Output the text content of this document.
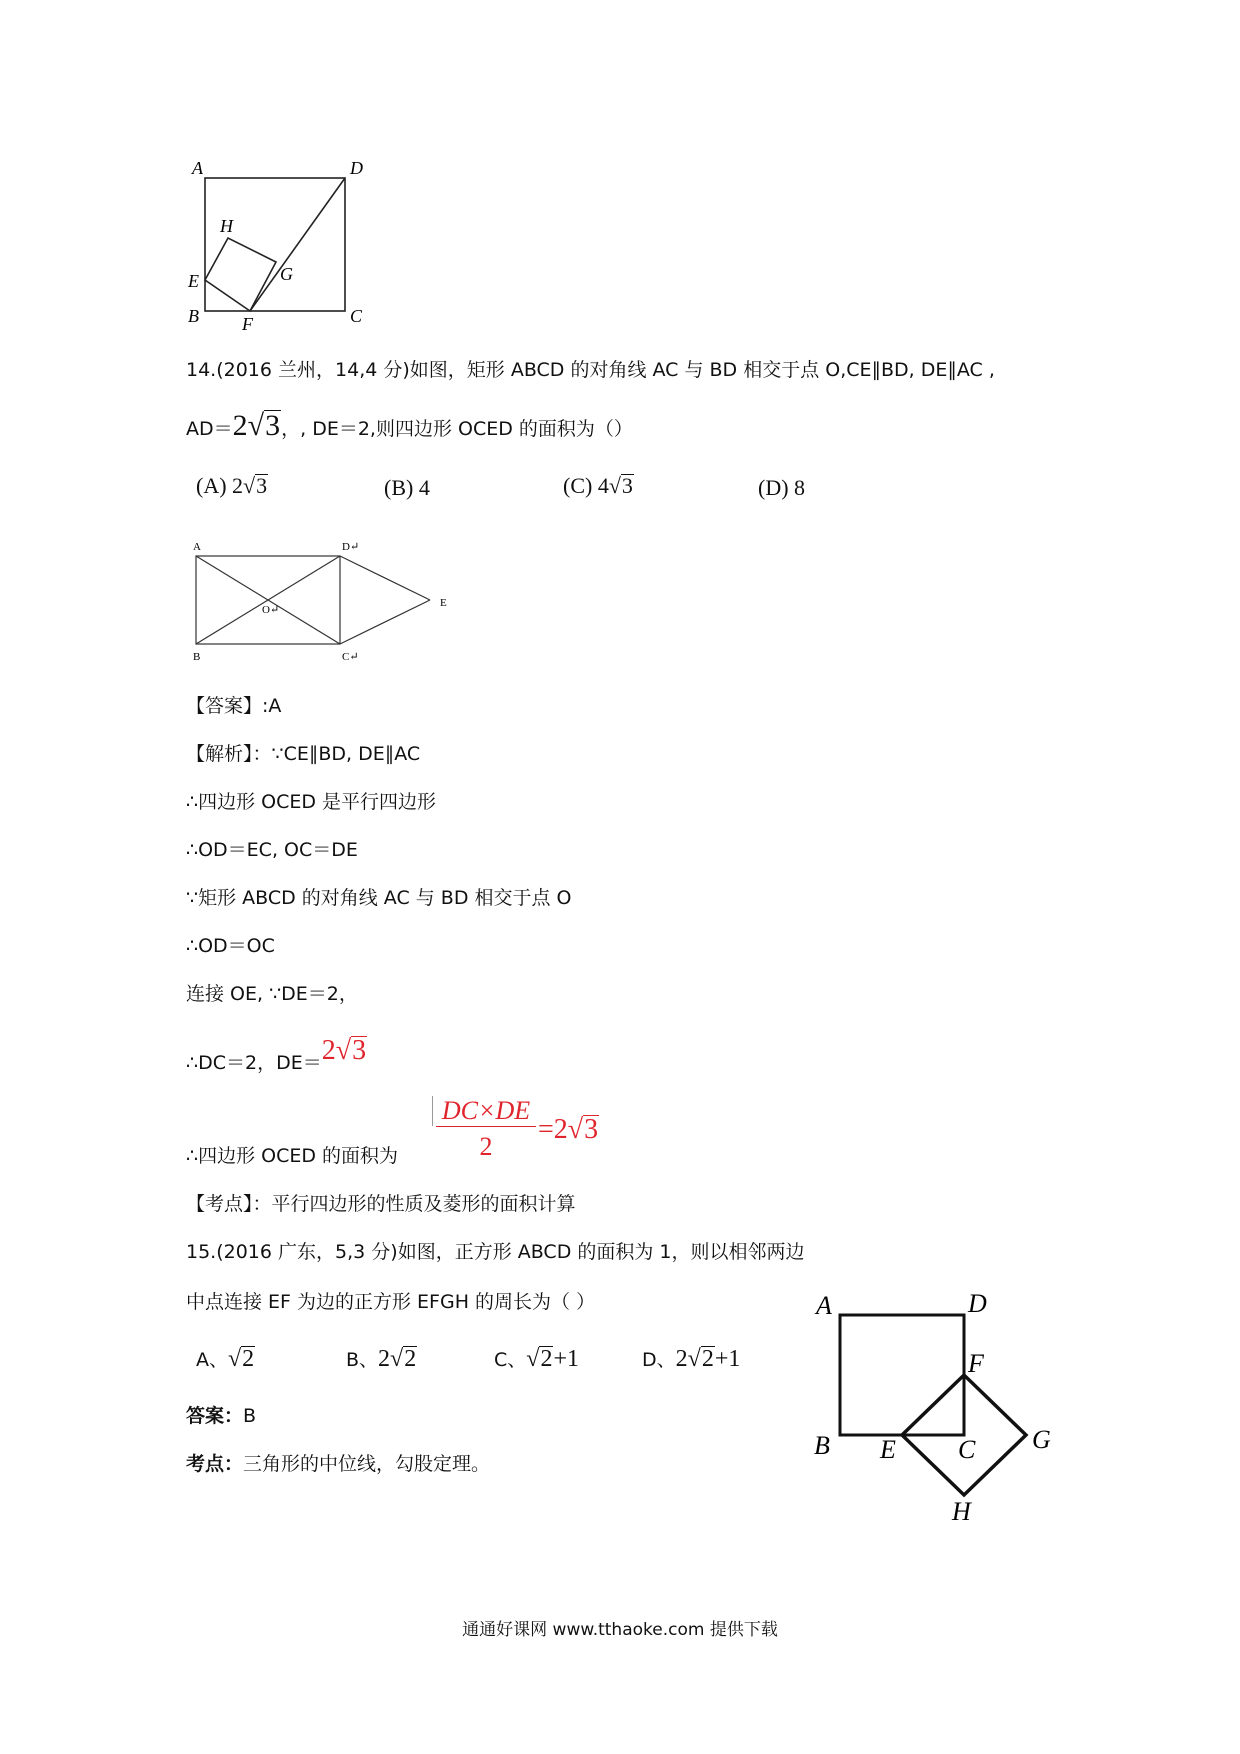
A	D
H
G
E
B F	C
14.(2016 兰州，14,4 分)如图，矩形 ABCD 的对角线 AC 与 BD 相交于点 O,CE∥BD, DE∥AC ,
AD＝2√3，, DE＝2,则四边形 OCED 的面积为（）
(A) 2√3	(B) 4	(C) 4√3	(D) 8
A	D↵
O↵
E
B	C↵
【答案】:A
【解析】：∵CE∥BD, DE∥AC
∴四边形 OCED 是平行四边形
∴OD＝EC, OC＝DE
∵矩形 ABCD 的对角线 AC 与 BD 相交于点 O
∴OD＝OC
连接 OE, ∵DE＝2，
∴DC＝2，DE＝2√3
∴四边形 OCED 的面积为
DC×DE
2
=2√3
【考点】：平行四边形的性质及菱形的面积计算
15.(2016 广东，5,3 分)如图，正方形 ABCD 的面积为 1，则以相邻两边
中点连接 EF 为边的正方形 EFGH 的周长为（ ）
A、√2	B、2√2	C、√2+1	D、2√2+1
答案：B
考点：三角形的中位线，勾股定理。
A	D
F
B E C G
H
通通好课网 www.tthaoke.com 提供下载
